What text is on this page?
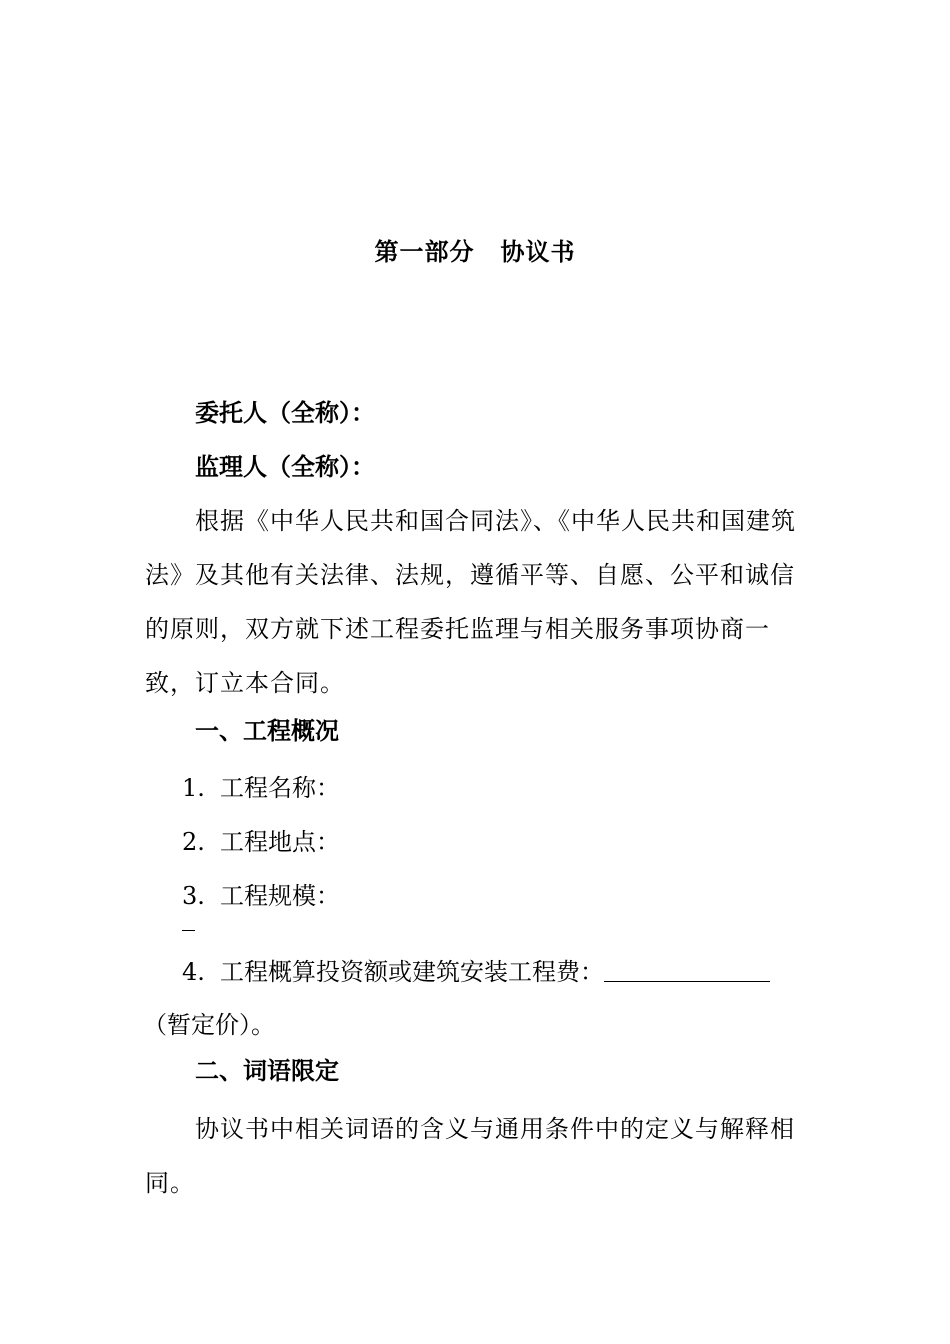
第一部分 协议书
委托人（全称）：
监理人（全称）：
根据《中华人民共和国合同法》、《中华人民共和国建筑法》及其他有关法律、法规，遵循平等、自愿、公平和诚信的原则，双方就下述工程委托监理与相关服务事项协商一致，订立本合同。
一、工程概况
1. 工程名称：
2. 工程地点：
3. 工程规模：
4. 工程概算投资额或建筑安装工程费：
（暂定价）。
二、词语限定
协议书中相关词语的含义与通用条件中的定义与解释相同。
